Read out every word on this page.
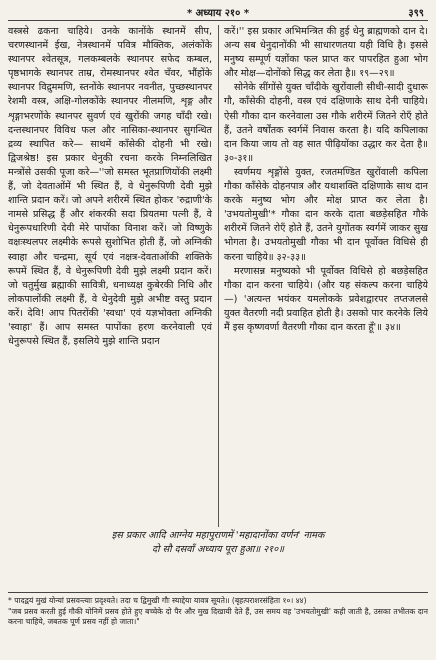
* अध्याय २१० *	३९९

वस्त्रसे ढकना चाहिये। उनके कानोंके स्थानमें सीप, चरणस्थानमें ईख, नेत्रस्थानमें पवित्र मौक्तिक, अलंकोंके स्थानपर श्वेतसूत्र, गलकम्बलके स्थानपर सफेद कम्बल, पृष्ठभागके स्थानपर ताम्र, रोमस्थानपर श्वेत चँवर, भौंहोंके स्थानपर विद्रुममणि, स्तनोंके स्थानपर नवनीत, पुच्छस्थानपर रेशमी वस्त्र, अक्षि-गोलकोंके स्थानपर नीलमणि, शृङ्ग और शृङ्गाभरणोंके स्थानपर सुवर्ण एवं खुरोंकी जगह चाँदी रखे। दन्तस्थानपर विविध फल और नासिका-स्थानपर सुगन्धित द्रव्य स्थापित करे— साथमें काँसेकी दोहनी भी रखे। द्विजश्रेष्ठ! इस प्रकार धेनुकी रचना करके निम्नलिखित मन्त्रोंसे उसकी पूजा करे—''जो समस्त भूतप्राणियोंकी लक्ष्मी हैं, जो देवताओंमें भी स्थित हैं, वे धेनुरूपिणी देवी मुझे शान्ति प्रदान करें। जो अपने शरीरमें स्थित होकर 'रुद्राणी'के नामसे प्रसिद्ध हैं और शंकरकी सदा प्रियतमा पत्नी हैं, वे धेनुरूपधारिणी देवी मेरे पापोंका विनाश करें। जो विष्णुके वक्षःस्थलपर लक्ष्मीके रूपसे सुशोभित होती हैं, जो अग्निकी स्वाहा और चन्द्रमा, सूर्य एवं नक्षत्र-देवताओंकी शक्तिके रूपमें स्थित हैं, वे धेनुरूपिणी देवी मुझे लक्ष्मी प्रदान करें। जो चतुर्मुख ब्रह्माकी सावित्री, धनाध्यक्ष कुबेरकी निधि और लोकपालोंकी लक्ष्मी हैं, वे धेनुदेवी मुझे अभीष्ट वस्तु प्रदान करें। देवि! आप पितरोंकी 'स्वधा' एवं यज्ञभोक्ता अग्निकी 'स्वाहा' हैं। आप समस्त पापोंका हरण करनेवाली एवं धेनुरूपसे स्थित हैं, इसलिये मुझे शान्ति प्रदान

करें।'' इस प्रकार अभिमन्त्रित की हुई धेनु ब्राह्मणको दान दे। अन्य सब धेनुदानोंकी भी साधारणतया यही विधि है। इससे मनुष्य सम्पूर्ण यज्ञोंका फल प्राप्त कर पापरहित हुआ भोग और मोक्ष—दोनोंको सिद्ध कर लेता है॥ १९—२९॥

सोनेके सींगोंसे युक्त चाँदीके खुरोंवाली सीधी-सादी दुधारू गौ, काँसेकी दोहनी, वस्त्र एवं दक्षिणाके साथ देनी चाहिये। ऐसी गौका दान करनेवाला उस गौके शरीरमें जितने रोएँ होते हैं, उतने वर्षोंतक स्वर्गमें निवास करता है। यदि कपिलाका दान किया जाय तो वह सात पीढ़ियोंका उद्धार कर देता है॥ ३०-३१॥

स्वर्णमय शृङ्गोंसे युक्त, रजतमण्डित खुरोंवाली कपिला गौका काँसेके दोहनपात्र और यथाशक्ति दक्षिणाके साथ दान करके मनुष्य भोग और मोक्ष प्राप्त कर लेता है। 'उभयतोमुखी'* गौका दान करके दाता बछड़ेसहित गौके शरीरमें जितने रोएँ होते हैं, उतने युगोंतक स्वर्गमें जाकर सुख भोगता है। उभयतोमुखी गौका भी दान पूर्वोक्त विधिसे ही करना चाहिये॥ ३२-३३॥

मरणासन्न मनुष्यको भी पूर्वोक्त विधिसे हो बछड़ेसहित गौका दान करना चाहिये। (और यह संकल्प करना चाहिये—) 'अत्यन्त भयंकर यमलोकके प्रवेशद्वारपर तप्तजलसे युक्त वैतरणी नदी प्रवाहित होती है। उसको पार करनेके लिये मैं इस कृष्णवर्णा वैतरणी गौका दान करता हूँ'॥ ३४॥

इस प्रकार आदि आग्नेय महापुराणमें 'महादानोंका वर्णन' नामक
दो सौ दसवाँ अध्याय पूरा हुआ॥ २१०॥
* पादद्वयं मुखं योन्यां प्रसवन्त्याः प्रदृश्यते। तदा च द्विमुखी गौः स्याद्देया यावत्र सूयते॥ (बृहत्पराशरसंहिता १०। ४४)
"जब प्रसव करती हुई गौकी योनिमें प्रसव होते हुए बच्चेके दो पैर और मुख दिखायी देते हैं, उस समय वह 'उभयतोमुखी' कही जाती है, उसका तभीतक दान करना चाहिये, जबतक पूर्ण प्रसव नहीं हो जाता।"
